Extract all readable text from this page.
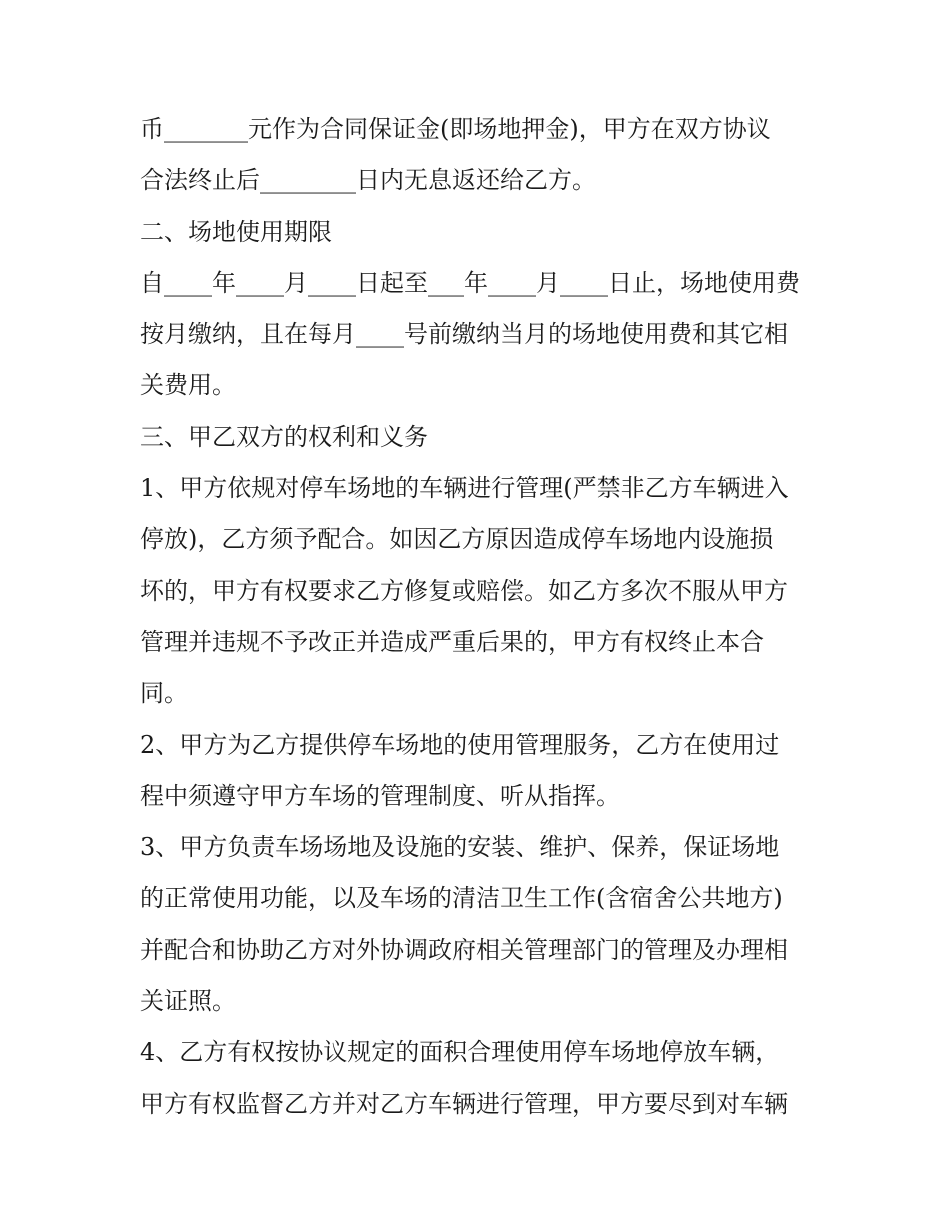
币_______元作为合同保证金(即场地押金)，甲方在双方协议
合法终止后________日内无息返还给乙方。
二、场地使用期限
自____年____月____日起至___年____月____日止，场地使用费
按月缴纳，且在每月____号前缴纳当月的场地使用费和其它相
关费用。
三、甲乙双方的权利和义务
1、甲方依规对停车场地的车辆进行管理(严禁非乙方车辆进入
停放)，乙方须予配合。如因乙方原因造成停车场地内设施损
坏的，甲方有权要求乙方修复或赔偿。如乙方多次不服从甲方
管理并违规不予改正并造成严重后果的，甲方有权终止本合
同。
2、甲方为乙方提供停车场地的使用管理服务，乙方在使用过
程中须遵守甲方车场的管理制度、听从指挥。
3、甲方负责车场场地及设施的安装、维护、保养，保证场地
的正常使用功能，以及车场的清洁卫生工作(含宿舍公共地方)
并配合和协助乙方对外协调政府相关管理部门的管理及办理相
关证照。
4、乙方有权按协议规定的面积合理使用停车场地停放车辆，
甲方有权监督乙方并对乙方车辆进行管理，甲方要尽到对车辆
